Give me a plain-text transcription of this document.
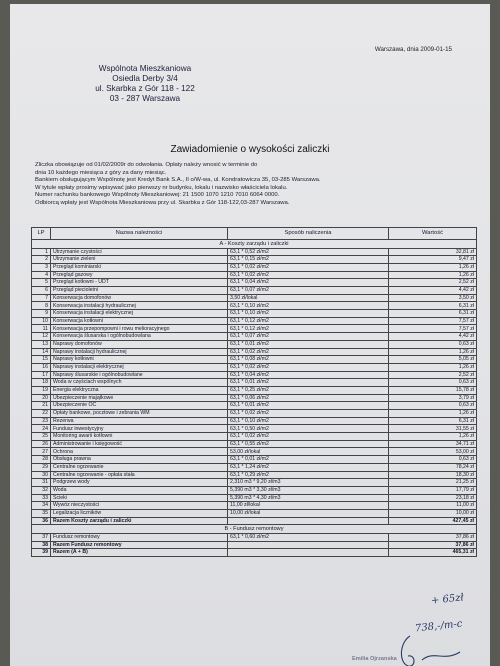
Warszawa, dnia 2009-01-15
Wspólnota Mieszkaniowa
Osiedla Derby 3/4
ul. Skarbka z Gór 118 - 122
03 - 287 Warszawa
Zawiadomienie o wysokości zaliczki
Zliczka obowiązuje od 01/02/2009r do odwołania. Opłaty należy wnosić w terminie do
dnia 10 każdego miesiąca z góry za dany miesiąc.
Bankiem obsługującym Wspólnotę jest Kredyt Bank S.A., II o/W-wa, ul. Kondratowicza 35, 03-285 Warszawa.
W tytule wpłaty prosimy wpisywać jako pierwszy nr budynku, lokalu i nazwisko właściciela lokalu.
Numer rachunku bankowego Wspólnoty Mieszkaniowej: 21 1500 1070 1210 7010 6064 0000.
Odbiorcą wpłaty jest Wspólnota Mieszkaniowa przy ul. Skarbka z Gór 118-122,03-287 Warszawa.
LP	Nazwa należności	Sposób naliczenia	Wartość
A - Koszty zarządu i zaliczki			
1	Utrzymanie czystości	63,1 * 0,52 zł/m2	32,81 zł
2	Utrzymanie zieleni	63,1 * 0,15 zł/m2	9,47 zł
3	Przegląd kominiarski	63,1 * 0,02 zł/m2	1,26 zł
4	Przegląd gazowy	63,1 * 0,02 zł/m2	1,26 zł
5	Przegląd kotłowni - UDT	63,1 * 0,04 zł/m2	2,52 zł
6	Przegląd piecioletni	63,1 * 0,07 zł/m2	4,42 zł
7	Konserwacja domofonów	3,50 zł/lokal	3,50 zł
8	Konserwacja instalacji hydraulicznej	63,1 * 0,10 zł/m2	6,31 zł
9	Konserwacja instalacji elektrycznej	63,1 * 0,10 zł/m2	6,31 zł
10	Konserwacja kotłowni	63,1 * 0,12 zł/m2	7,57 zł
11	Konserwacja przepompowni i rowu melioracyjnego	63,1 * 0,12 zł/m2	7,57 zł
12	Konserwacja ślusarska i ogólnobudowlana	63,1 * 0,07 zł/m2	4,42 zł
13	Naprawy domofonów	63,1 * 0,01 zł/m2	0,63 zł
14	Naprawy instalacji hydraulicznej	63,1 * 0,02 zł/m2	1,26 zł
15	Naprawy kotłowni	63,1 * 0,08 zł/m2	5,05 zł
16	Naprawy instalacji elektrycznej	63,1 * 0,02 zł/m2	1,26 zł
17	Naprawy ślusarskie i ogólnobudowlane	63,1 * 0,04 zł/m2	2,52 zł
18	Woda w częściach wspólnych	63,1 * 0,01 zł/m2	0,63 zł
19	Energia elektryczna	63,1 * 0,25 zł/m2	15,78 zł
20	Ubezpieczenie majątkowe	63,1 * 0,06 zł/m2	3,79 zł
21	Ubezpieczenie OC	63,1 * 0,01 zł/m2	0,63 zł
22	Opłaty bankowe, pocztowe i zebrania WM	63,1 * 0,02 zł/m2	1,26 zł
23	Rezerwa	63,1 * 0,10 zł/m2	6,31 zł
24	Fundusz inwestycyjny	63,1 * 0,50 zł/m2	31,55 zł
25	Monitoring awarii kotłowni	63,1 * 0,02 zł/m2	1,26 zł
26	Administrowanie i księgowość	63,1 * 0,55 zł/m2	34,71 zł
27	Ochrona	53,00 zł/lokal	53,00 zł
28	Obsługa prawna	63,1 * 0,01 zł/m2	0,63 zł
29	Centralne ogrzewanie	63,1 * 1,24 zł/m2	78,24 zł
30	Centralne ogrzewanie - opłata stała	63,1 * 0,29 zł/m2	18,30 zł
31	Podgrzew wody	2,310 m3 * 9,20 zł/m3	21,25 zł
32	Woda	5,390 m3 * 3,30 zł/m3	17,79 zł
33	Ścieki	5,390 m3 * 4,30 zł/m3	23,18 zł
34	Wywóz nieczystości	11,00 zł/lokal	11,00 zł
35	Legalizacja liczników	10,00 zł/lokal	10,00 zł
36	Razem Koszty zarządu i zaliczki		427,45 zł
B - Fundusz remontowy			
37	Fundusz remontowy	63,1 * 0,60 zł/m2	37,86 zł
38	Razem Fundusz remontowy		37,86 zł
39	Razem (A + B)		465,31 zł
+ 65zł
738,-/m-c
Emilia Ojrzanska
